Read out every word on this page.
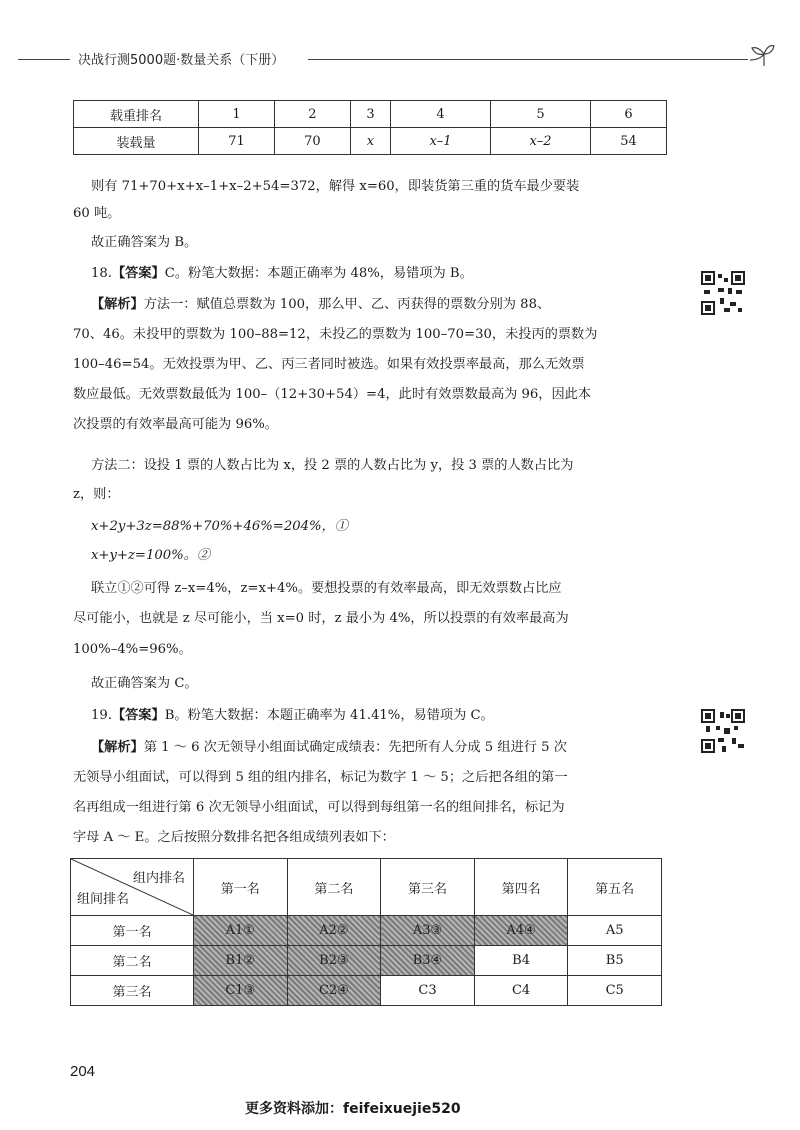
决战行测5000题·数量关系（下册）
载重排名	1	2	3	4	5	6
装载量	71	70	x	x–1	x–2	54
则有 71+70+x+x–1+x–2+54=372，解得 x=60，即装货第三重的货车最少要装
60 吨。
故正确答案为 B。
18.【答案】C。粉笔大数据：本题正确率为 48%，易错项为 B。
【解析】方法一：赋值总票数为 100，那么甲、乙、丙获得的票数分别为 88、
70、46。未投甲的票数为 100–88=12，未投乙的票数为 100–70=30，未投丙的票数为
100–46=54。无效投票为甲、乙、丙三者同时被选。如果有效投票率最高，那么无效票
数应最低。无效票数最低为 100–（12+30+54）=4，此时有效票数最高为 96，因此本
次投票的有效率最高可能为 96%。
方法二：设投 1 票的人数占比为 x，投 2 票的人数占比为 y，投 3 票的人数占比为
z，则：
x+2y+3z=88%+70%+46%=204%，①
x+y+z=100%。②
联立①②可得 z–x=4%，z=x+4%。要想投票的有效率最高，即无效票数占比应
尽可能小，也就是 z 尽可能小，当 x=0 时，z 最小为 4%，所以投票的有效率最高为
100%–4%=96%。
故正确答案为 C。
19.【答案】B。粉笔大数据：本题正确率为 41.41%，易错项为 C。
【解析】第 1 ～ 6 次无领导小组面试确定成绩表：先把所有人分成 5 组进行 5 次
无领导小组面试，可以得到 5 组的组内排名，标记为数字 1 ～ 5；之后把各组的第一
名再组成一组进行第 6 次无领导小组面试，可以得到每组第一名的组间排名，标记为
字母 A ～ E。之后按照分数排名把各组成绩列表如下：
组内排名
组间排名	第一名	第二名	第三名	第四名	第五名
第一名	A1①	A2②	A3③	A4④	A5
第二名	B1②	B2③	B3④	B4	B5
第三名	C1③	C2④	C3	C4	C5
204
更多资料添加：feifeixuejie520
